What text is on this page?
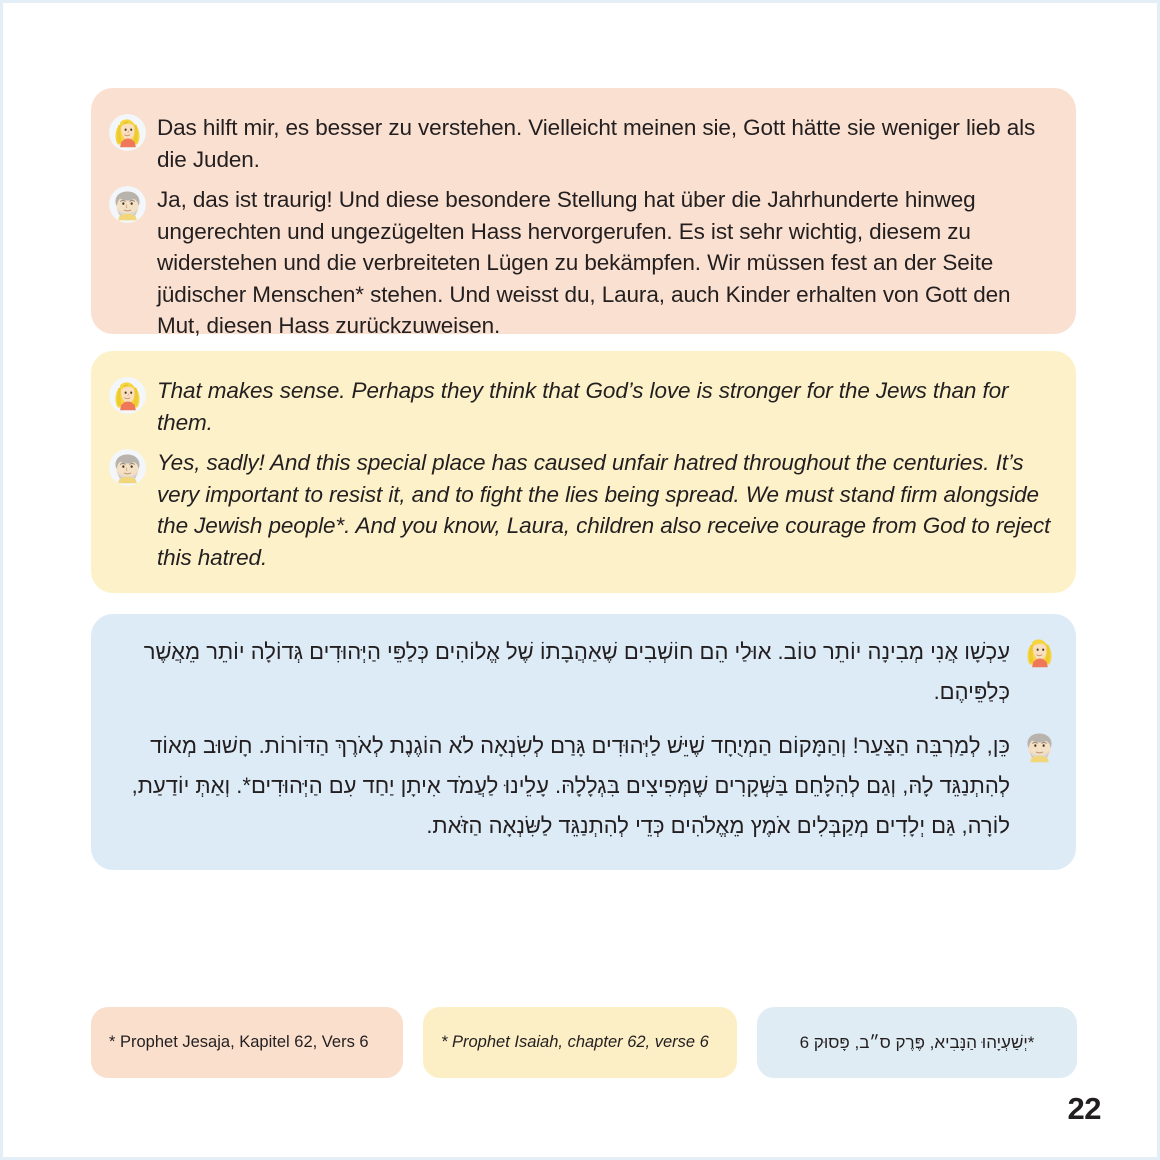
Das hilft mir, es besser zu verstehen. Vielleicht meinen sie, Gott hätte sie weniger lieb als die Juden.
Ja, das ist traurig! Und diese besondere Stellung hat über die Jahrhunderte hinweg ungerechten und ungezügelten Hass hervorgerufen. Es ist sehr wichtig, diesem zu widerstehen und die verbreiteten Lügen zu bekämpfen. Wir müssen fest an der Seite jüdischer Menschen* stehen. Und weisst du, Laura, auch Kinder erhalten von Gott den Mut, diesen Hass zurückzuweisen.
That makes sense. Perhaps they think that God’s love is stronger for the Jews than for them.
Yes, sadly! And this special place has caused unfair hatred throughout the centuries. It’s very important to resist it, and to fight the lies being spread. We must stand firm alongside the Jewish people*. And you know, Laura, children also receive courage from God to reject this hatred.
עַכְשָׁו אֲנִי מְבִינָה יוֹתֵר טוֹב. אוּלַי הֵם חוֹשְׁבִים שֶׁאַהֲבָתוֹ שֶׁל אֱלוֹהִים כְּלַפֵּי הַיְּהוּדִים גְּדוֹלָה יוֹתֵר מֵאֲשֶׁר כְּלַפֵּיהֶם.
כֵּן, לְמַרְבֵּה הַצַּעַר! וְהַמָּקוֹם הַמְיֻחָד שֶׁיֵּשׁ לַיְּהוּדִים גָּרַם לְשִׂנְאָה לֹא הוֹגֶנֶת לְאֹרֶךְ הַדּוֹרוֹת. חָשׁוּב מְאוֹד לְהִתְנַגֵּד לָהּ, וְגַם לְהִלָּחֵם בַּשְּׁקָרִים שֶׁמְּפִיצִים בִּגְלָלָהּ. עָלֵינוּ לַעֲמֹד אִיתָן יַחַד עִם הַיְּהוּדִים*. וְאַתְּ יוֹדַעַת, לוֹרָה, גַּם יְלָדִים מְקַבְּלִים אֹמֶץ מֵאֱלֹהִים כְּדֵי לְהִתְנַגֵּד לַשִּׂנְאָה הַזֹּאת.
* Prophet Jesaja, Kapitel 62, Vers 6	* Prophet Isaiah, chapter 62, verse 6	*יְשַׁעְיָהוּ הַנָּבִיא, פֶּרֶק ס״ב, פָּסוּק 6
22
